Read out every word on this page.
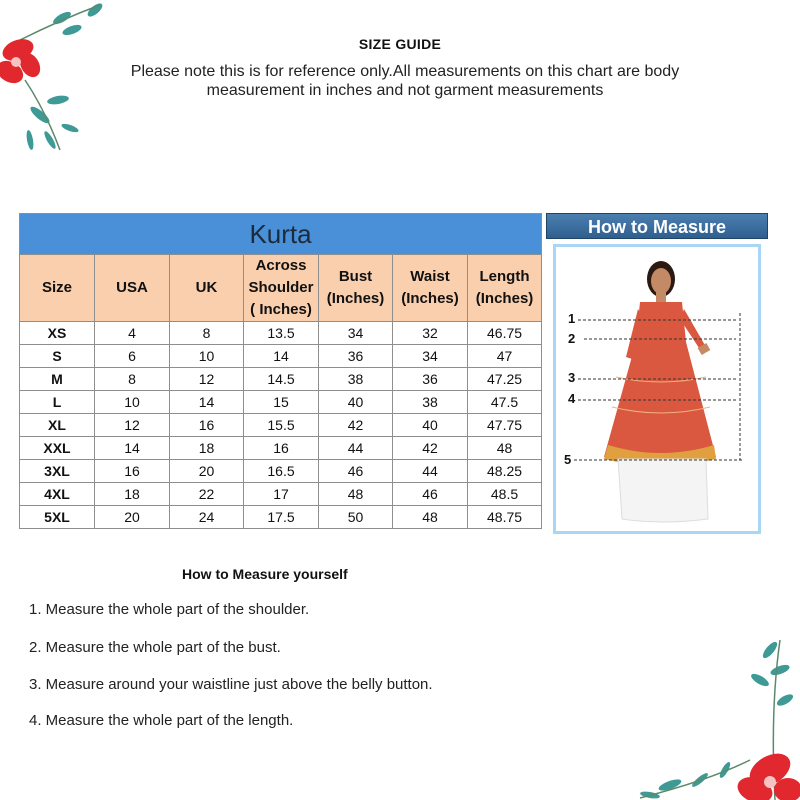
SIZE GUIDE
Please note this is for reference only.All measurements on this chart are body measurement in inches and not garment measurements
Kurta						
Size	USA	UK	Across Shoulder ( Inches)	Bust (Inches)	Waist (Inches)	Length (Inches)
XS	4	8	13.5	34	32	46.75
S	6	10	14	36	34	47
M	8	12	14.5	38	36	47.25
L	10	14	15	40	38	47.5
XL	12	16	15.5	42	40	47.75
XXL	14	18	16	44	42	48
3XL	16	20	16.5	46	44	48.25
4XL	18	22	17	48	46	48.5
5XL	20	24	17.5	50	48	48.75
How to Measure
1
2
3
4
5
How to Measure yourself
1. Measure the whole part of the shoulder.
2. Measure the whole part of the bust.
3. Measure around your waistline just above the belly button.
4. Measure the whole part of the length.
